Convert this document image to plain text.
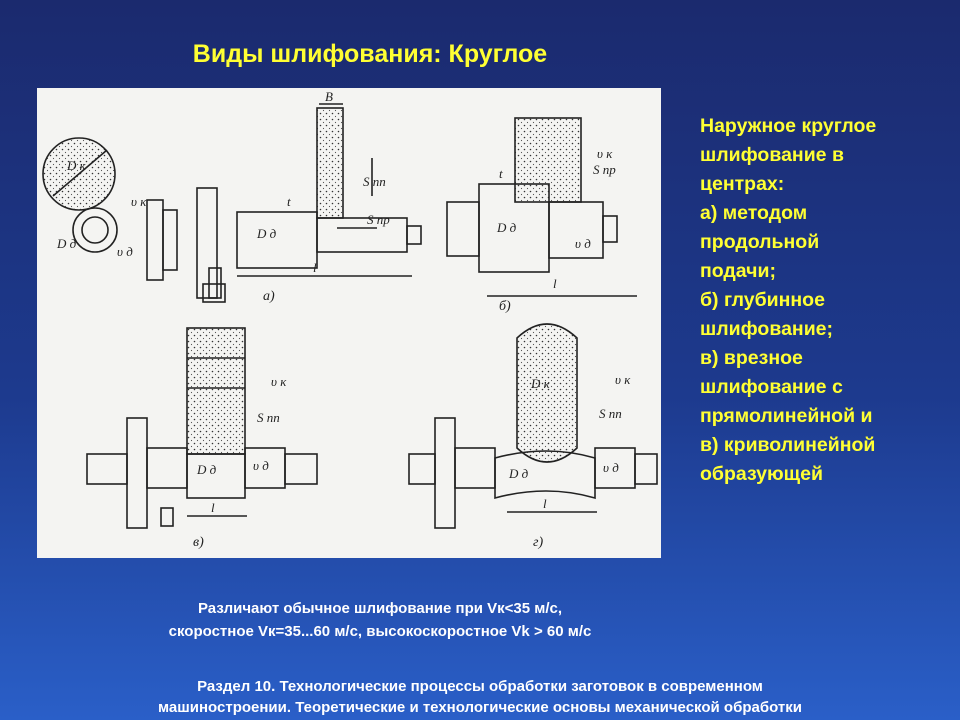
Виды шлифования: Круглое
B
D к
D д
υ к
υ д
D д
t
S пп
S пр
l
а)
D д
t
υ к
S пр
υ д
l
б)
υ к
S пп
D д	υ д
l
в)
D к	υ к
S пп
D д	υ д
l
г)
Наружное круглое
шлифование в
центрах:
а) методом
продольной
подачи;
б) глубинное
шлифование;
в) врезное
шлифование с
прямолинейной и
в) криволинейной
образующей
Различают обычное шлифование при Vк<35 м/с,
скоростное Vк=35...60 м/с, высокоскоростное Vk > 60 м/с
Раздел 10. Технологические процессы обработки заготовок в современном
машиностроении. Теоретические и технологические основы механической обработки
